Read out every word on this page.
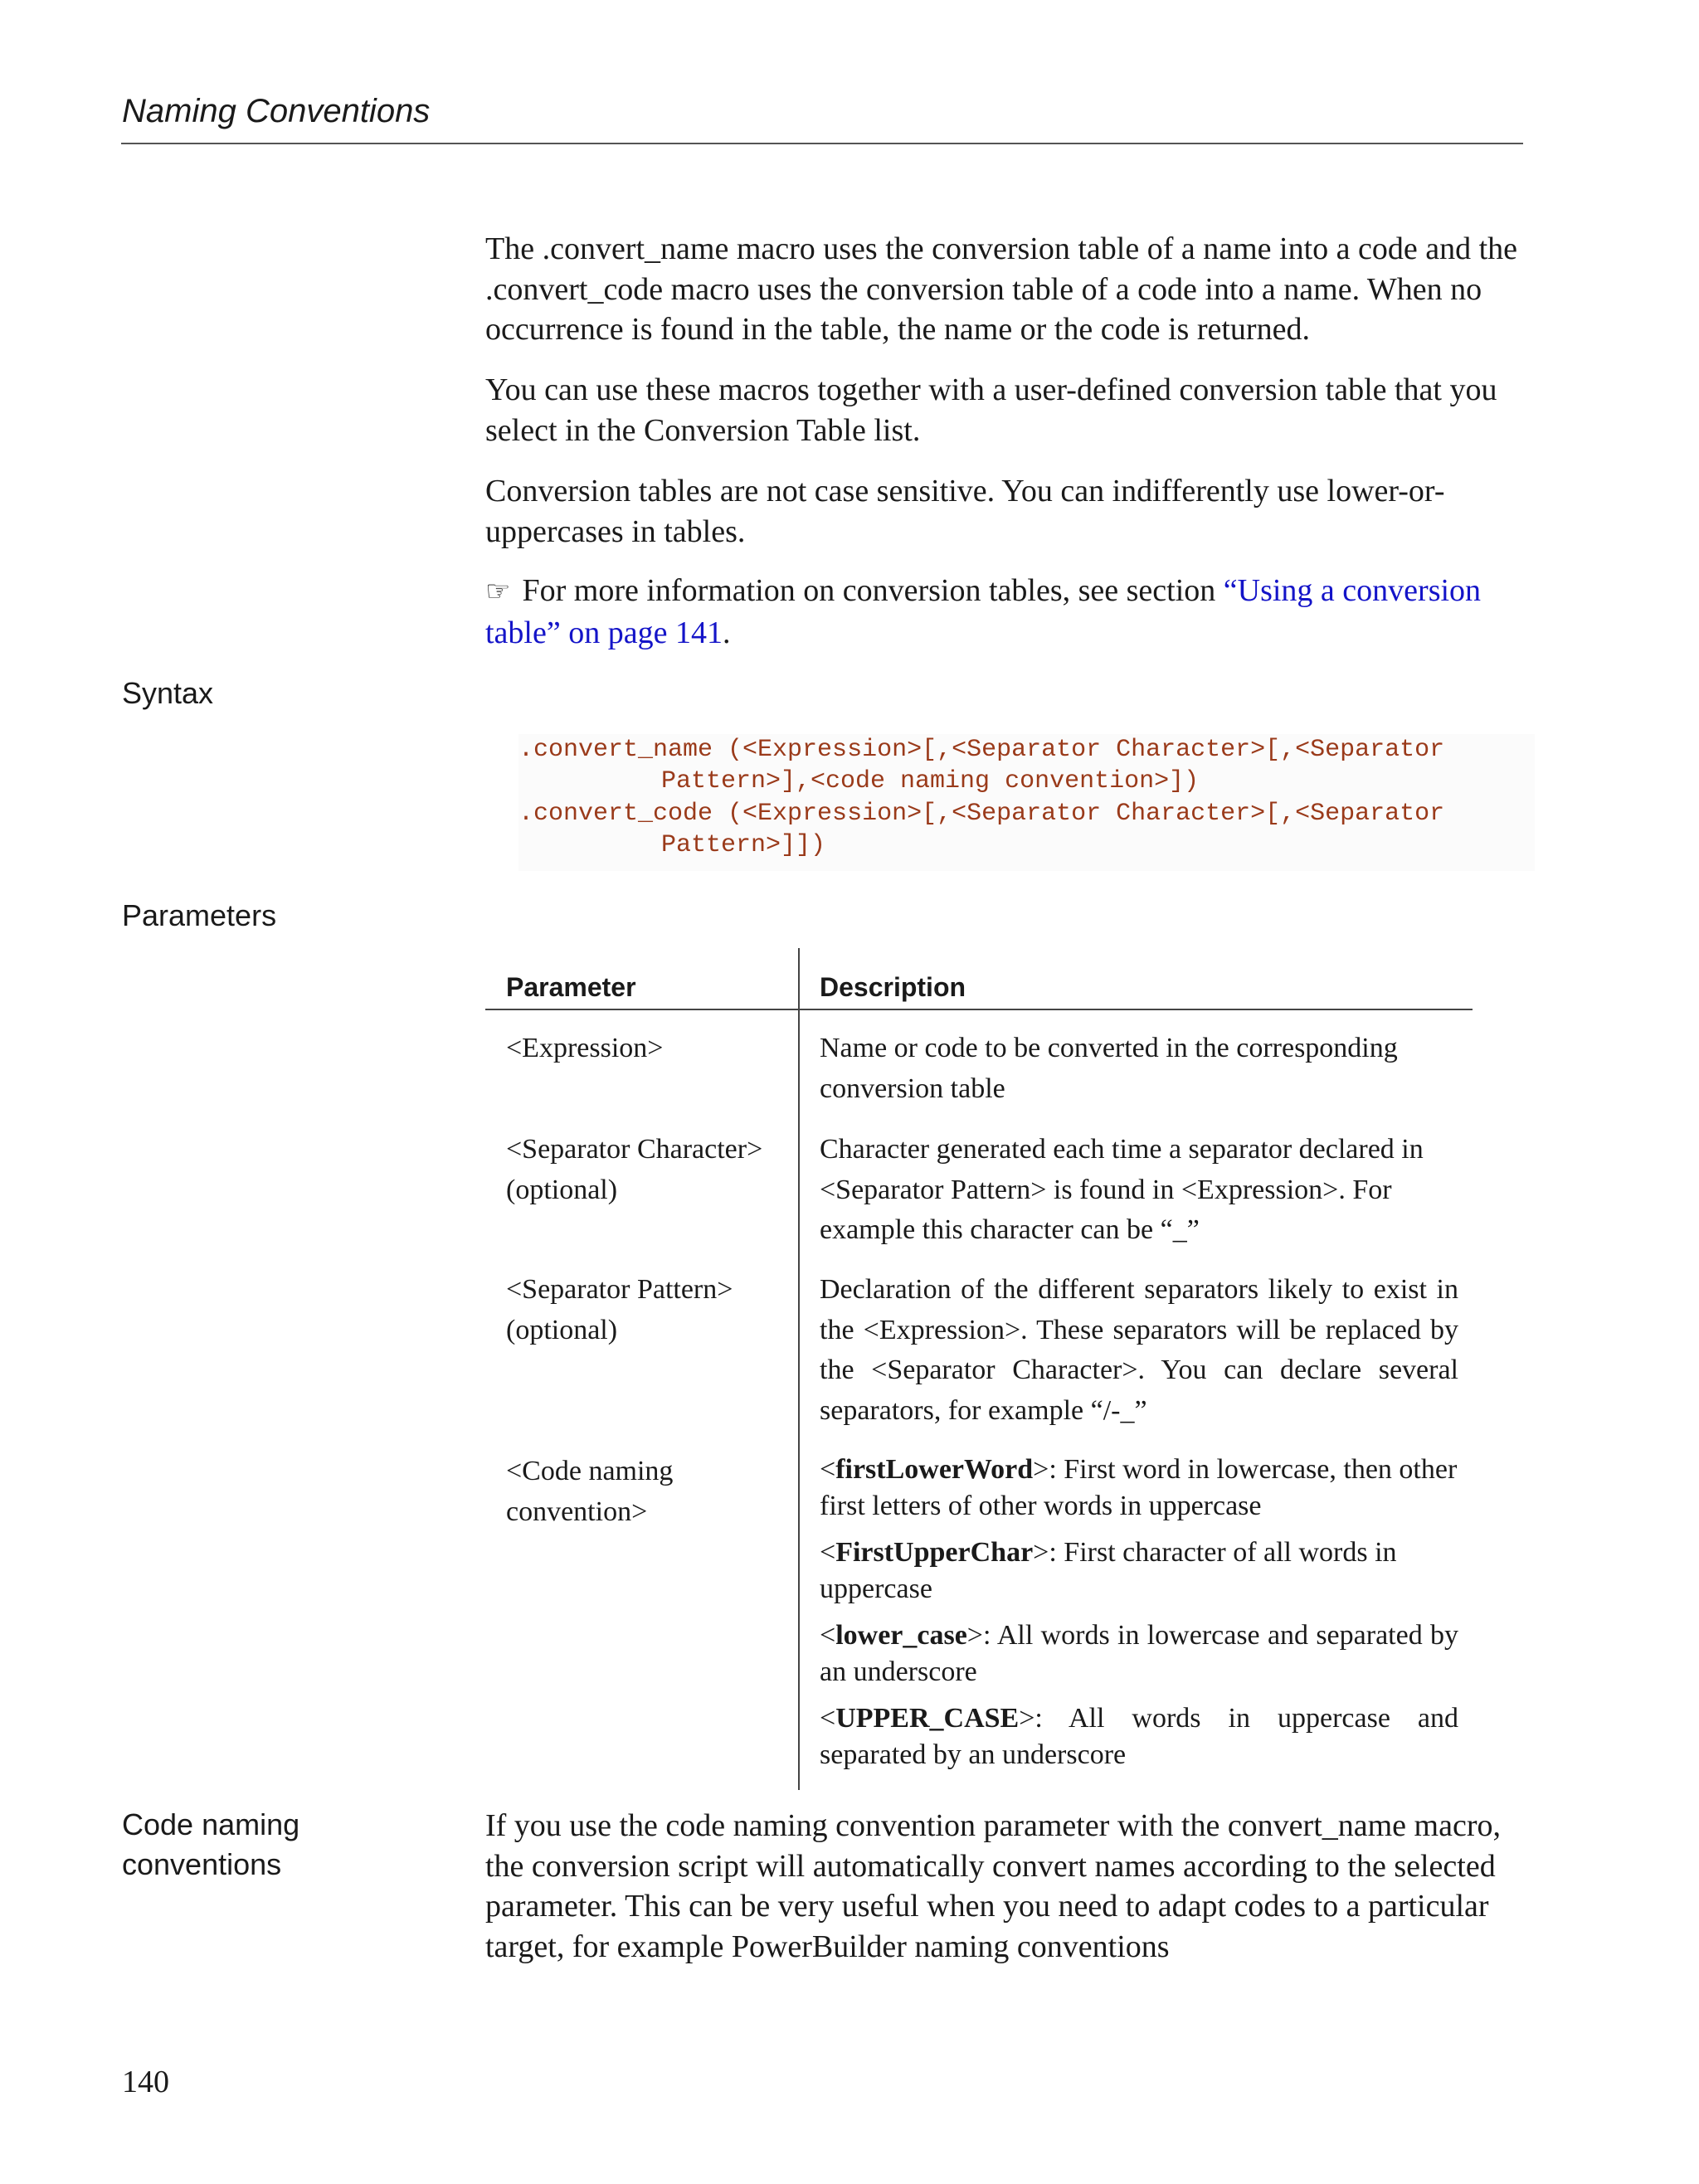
Naming Conventions

The .convert_name macro uses the conversion table of a name into a code and the .convert_code macro uses the conversion table of a code into a name. When no occurrence is found in the table, the name or the code is returned.

You can use these macros together with a user-defined conversion table that you select in the Conversion Table list.

Conversion tables are not case sensitive. You can indifferently use lower-or-uppercases in tables.

☞ For more information on conversion tables, see section “Using a conversion table” on page 141.

Syntax
.convert_name (<Expression>[,<Separator Character>[,<Separator
Pattern>],<code naming convention>])
.convert_code (<Expression>[,<Separator Character>[,<Separator
Pattern>]])
Parameters
Parameter	Description
<Expression>	Name or code to be converted in the corresponding conversion table
<Separator Character> (optional)
Character generated each time a separator declared in <Separator Pattern> is found in <Expression>. For example this character can be “_”
<Separator Pattern> (optional)
Declaration of the different separators likely to exist in the <Expression>. These separators will be replaced by the <Separator Character>. You can declare several separators, for example “/-_”
<Code naming convention>

<firstLowerWord>: First word in lowercase, then other first letters of other words in uppercase

<FirstUpperChar>: First character of all words in uppercase

<lower_case>: All words in lowercase and separated by an underscore

<UPPER_CASE>: All words in uppercase and separated by an underscore

Code naming conventions

If you use the code naming convention parameter with the convert_name macro, the conversion script will automatically convert names according to the selected parameter. This can be very useful when you need to adapt codes to a particular target, for example PowerBuilder naming conventions

140
